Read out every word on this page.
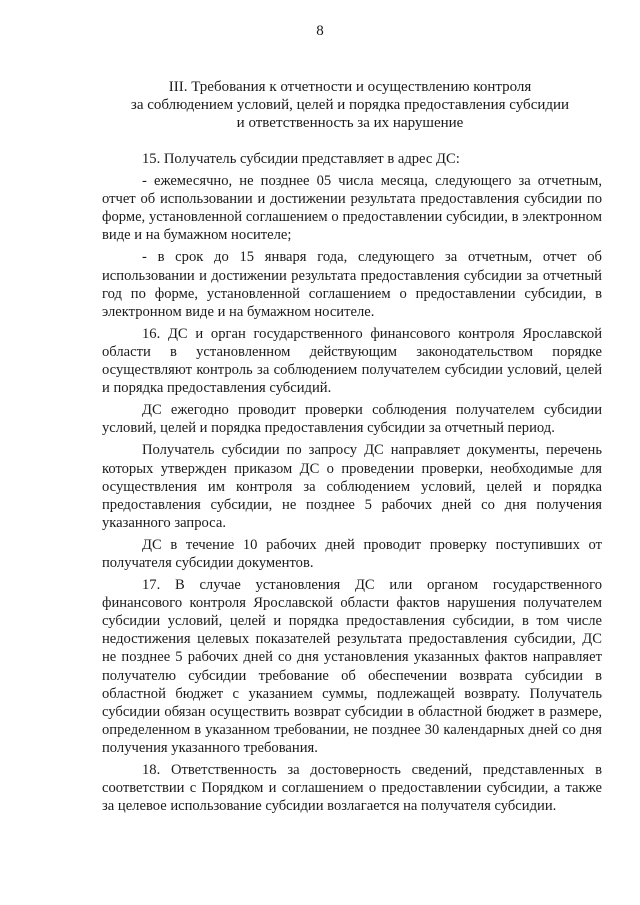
8
III. Требования к отчетности и осуществлению контроля
за соблюдением условий, целей и порядка предоставления субсидии
и ответственность за их нарушение

15. Получатель субсидии представляет в адрес ДС:

- ежемесячно, не позднее 05 числа месяца, следующего за отчетным, отчет об использовании и достижении результата предоставления субсидии по форме, установленной соглашением о предоставлении субсидии, в электронном виде и на бумажном носителе;

- в срок до 15 января года, следующего за отчетным, отчет об использовании и достижении результата предоставления субсидии за отчетный год по форме, установленной соглашением о предоставлении субсидии, в электронном виде и на бумажном носителе.

16. ДС и орган государственного финансового контроля Ярославской области в установленном действующим законодательством порядке осуществляют контроль за соблюдением получателем субсидии условий, целей и порядка предоставления субсидий.

ДС ежегодно проводит проверки соблюдения получателем субсидии условий, целей и порядка предоставления субсидии за отчетный период.

Получатель субсидии по запросу ДС направляет документы, перечень которых утвержден приказом ДС о проведении проверки, необходимые для осуществления им контроля за соблюдением условий, целей и порядка предоставления субсидии, не позднее 5 рабочих дней со дня получения указанного запроса.

ДС в течение 10 рабочих дней проводит проверку поступивших от получателя субсидии документов.

17. В случае установления ДС или органом государственного финансового контроля Ярославской области фактов нарушения получателем субсидии условий, целей и порядка предоставления субсидии, в том числе недостижения целевых показателей результата предоставления субсидии, ДС не позднее 5 рабочих дней со дня установления указанных фактов направляет получателю субсидии требование об обеспечении возврата субсидии в областной бюджет с указанием суммы, подлежащей возврату. Получатель субсидии обязан осуществить возврат субсидии в областной бюджет в размере, определенном в указанном требовании, не позднее 30 календарных дней со дня получения указанного требования.

18. Ответственность за достоверность сведений, представленных в соответствии с Порядком и соглашением о предоставлении субсидии, а также за целевое использование субсидии возлагается на получателя субсидии.
